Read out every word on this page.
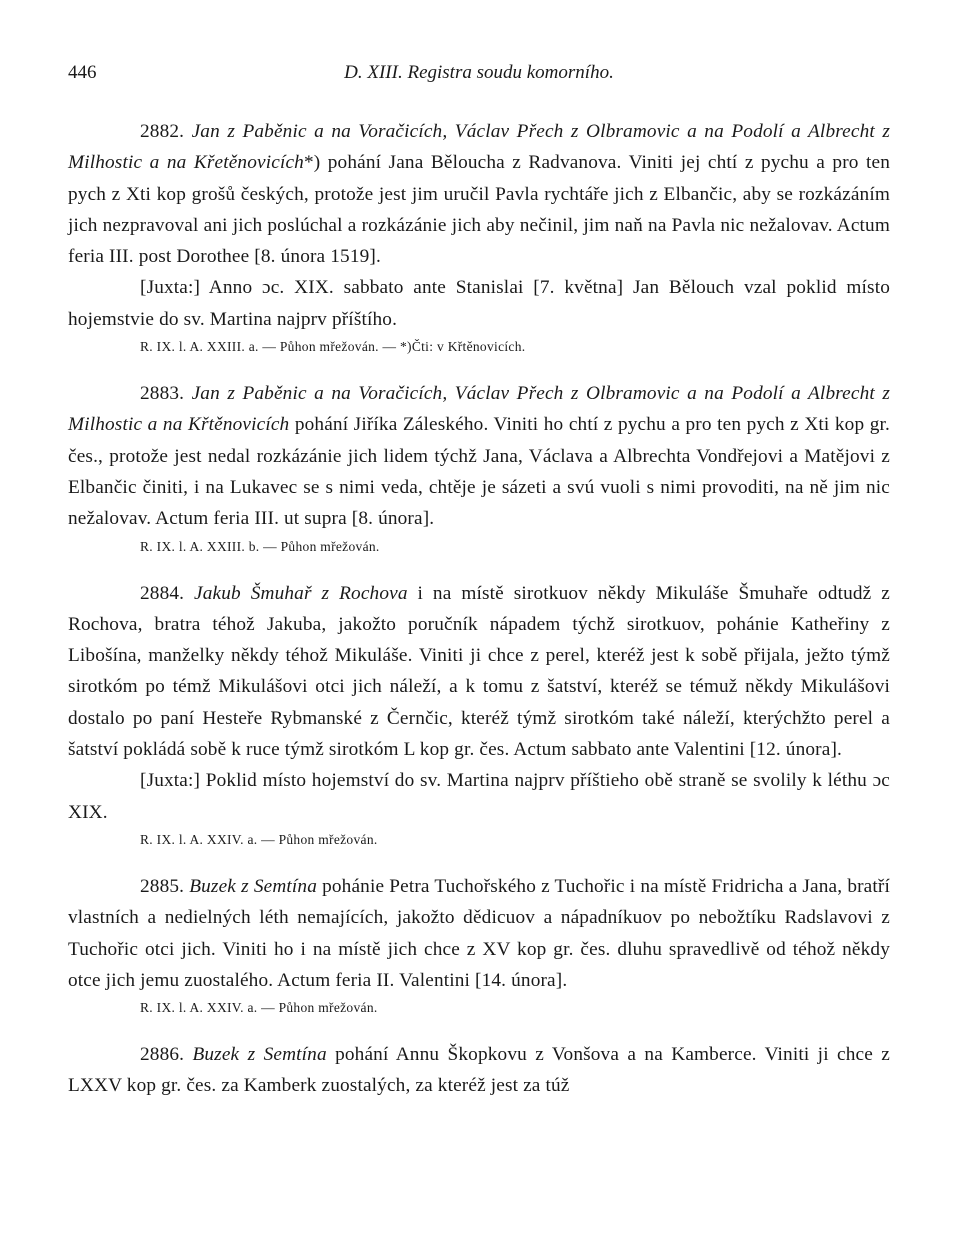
446	D. XIII. Registra soudu komorního.

2882. Jan z Paběnic a na Voračicích, Václav Přech z Olbramovic a na Podolí a Albrecht z Milhostic a na Křetěnovicích*) pohání Jana Běloucha z Radvanova. Viniti jej chtí z pychu a pro ten pych z Xti kop grošů českých, protože jest jim uručil Pavla rychtáře jich z Elbančic, aby se rozkázáním jich nezpravoval ani jich poslúchal a rozkázánie jich aby nečinil, jim naň na Pavla nic nežalovav. Actum feria III. post Dorothee [8. února 1519].

[Juxta:] Anno ɔc. XIX. sabbato ante Stanislai [7. května] Jan Bělouch vzal poklid místo hojemstvie do sv. Martina najprv příštího.

R. IX. l. A. XXIII. a. — Půhon mřežován. — *)Čti: v Křtěnovicích.

2883. Jan z Paběnic a na Voračicích, Václav Přech z Olbramovic a na Podolí a Albrecht z Milhostic a na Křtěnovicích pohání Jiříka Záleského. Viniti ho chtí z pychu a pro ten pych z Xti kop gr. čes., protože jest nedal rozkázánie jich lidem týchž Jana, Václava a Albrechta Vondřejovi a Matějovi z Elbančic činiti, i na Lukavec se s nimi veda, chtěje je sázeti a svú vuoli s nimi provoditi, na ně jim nic nežalovav. Actum feria III. ut supra [8. února].

R. IX. l. A. XXIII. b. — Půhon mřežován.

2884. Jakub Šmuhař z Rochova i na místě sirotkuov někdy Mikuláše Šmuhaře odtudž z Rochova, bratra téhož Jakuba, jakožto poručník nápadem týchž sirotkuov, pohánie Katheřiny z Libošína, manželky někdy téhož Mikuláše. Viniti ji chce z perel, kteréž jest k sobě přijala, ježto týmž sirotkóm po témž Mikulášovi otci jich náleží, a k tomu z šatství, kteréž se témuž někdy Mikulášovi dostalo po paní Hesteře Rybmanské z Černčic, kteréž týmž sirotkóm také náleží, kterýchžto perel a šatství pokládá sobě k ruce týmž sirotkóm L kop gr. čes. Actum sabbato ante Valentini [12. února].

[Juxta:] Poklid místo hojemství do sv. Martina najprv příštieho obě straně se svolily k léthu ɔc XIX.

R. IX. l. A. XXIV. a. — Půhon mřežován.

2885. Buzek z Semtína pohánie Petra Tuchořského z Tuchořic i na místě Fridricha a Jana, bratří vlastních a nedielných léth nemajících, jakožto dědicuov a nápadníkuov po nebožtíku Radslavovi z Tuchořic otci jich. Viniti ho i na místě jich chce z XV kop gr. čes. dluhu spravedlivě od téhož někdy otce jich jemu zuostalého. Actum feria II. Valentini [14. února].

R. IX. l. A. XXIV. a. — Půhon mřežován.

2886. Buzek z Semtína pohání Annu Škopkovu z Vonšova a na Kamberce. Viniti ji chce z LXXV kop gr. čes. za Kamberk zuostalých, za kteréž jest za túž
